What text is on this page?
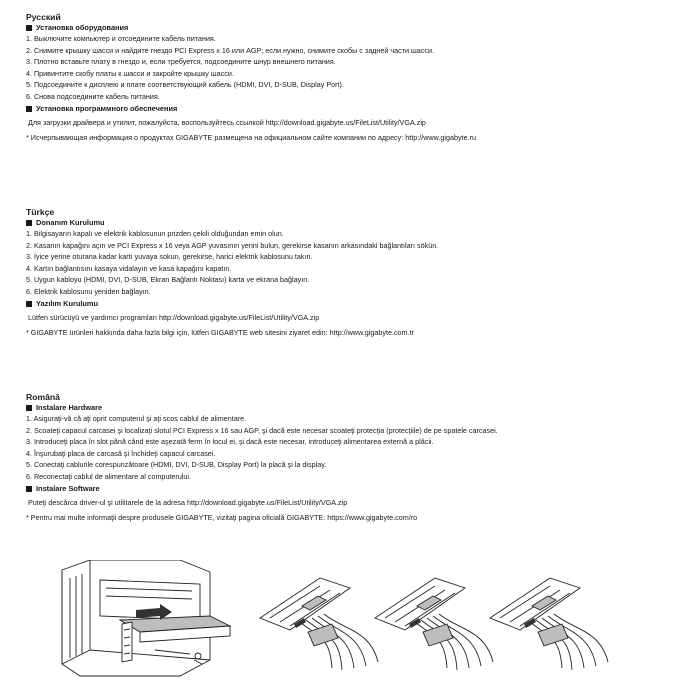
Русский
Установка оборудования
1. Выключите компьютер и отсоедините кабель питания.
2. Снимите крышку шасси и найдите гнездо PCI Express x 16 или AGP; если нужно, снимите скобы с задней части шасси.
3. Плотно вставьте плату в гнездо и, если требуется, подсоедините шнур внешнего питания.
4. Привинтите скобу платы к шасси и закройте крышку шасси.
5. Подсоедините к дисплею и плате соответствующий кабель (HDMI, DVI, D-SUB, Display Port).
6. Снова подсоедините кабель питания.
Установка программного обеспечения

Для загрузки драйвера и утилит, пожалуйста, воспользуйтесь ссылкой http://download.gigabyte.us/FileList/Utility/VGA.zip

* Исчерпывающая информация о продуктах GIGABYTE размещена на официальном сайте компании по адресу: http://www.gigabyte.ru

Türkçe
Donanım Kurulumu
1. Bilgisayarın kapalı ve elektrik kablosunun prizden çekili olduğundan emin olun.
2. Kasanın kapağını açın ve PCI Express x 16 veya AGP yuvasının yerini bulun, gerekirse kasanın arkasındaki bağlantıları sökün.
3. İyice yerine oturana kadar kartı yuvaya sokun, gerekirse, harici elektrik kablosunu takın.
4. Kartın bağlantısını kasaya vidalayın ve kasa kapağını kapatın.
5. Uygun kabloyu (HDMI, DVI, D-SUB, Ekran Bağlantı Noktası) karta ve ekrana bağlayın.
6. Elektrik kablosunu yeniden bağlayın.
Yazılım Kurulumu

Lütfen sürücüyü ve yardımcı programları http://download.gigabyte.us/FileList/Utility/VGA.zip

* GIGABYTE ürünleri hakkında daha fazla bilgi için, lütfen GIGABYTE web sitesini ziyaret edin: http://www.gigabyte.com.tr

Română
Instalare Hardware
1. Asiguraţi-vă că aţi oprit computerul şi aţi scos cablul de alimentare.
2. Scoateţi capacul carcasei şi localizaţi slotul PCI Express x 16 sau AGP, şi dacă este necesar scoateţi protecţia (protecţiile) de pe spatele carcasei.
3. Introduceţi placa în slot până când este aşezată ferm în locul ei, şi dacă este necesar, introduceţi alimentarea externă a plăcii.
4. Înşurubaţi placa de carcasă şi închideţi capacul carcasei.
5. Conectaţi cablurile corespunzătoare (HDMI, DVI, D-SUB, Display Port) la placă şi la display.
6. Reconectaţi cablul de alimentare al computerului.
Instalare Software

Puteţi descărca driver-ul şi utilitarele de la adresa http://download.gigabyte.us/FileList/Utility/VGA.zip

* Pentru mai multe informaţii despre produsele GIGABYTE, vizitaţi pagina oficială GIGABYTE: https://www.gigabyte.com/ro
